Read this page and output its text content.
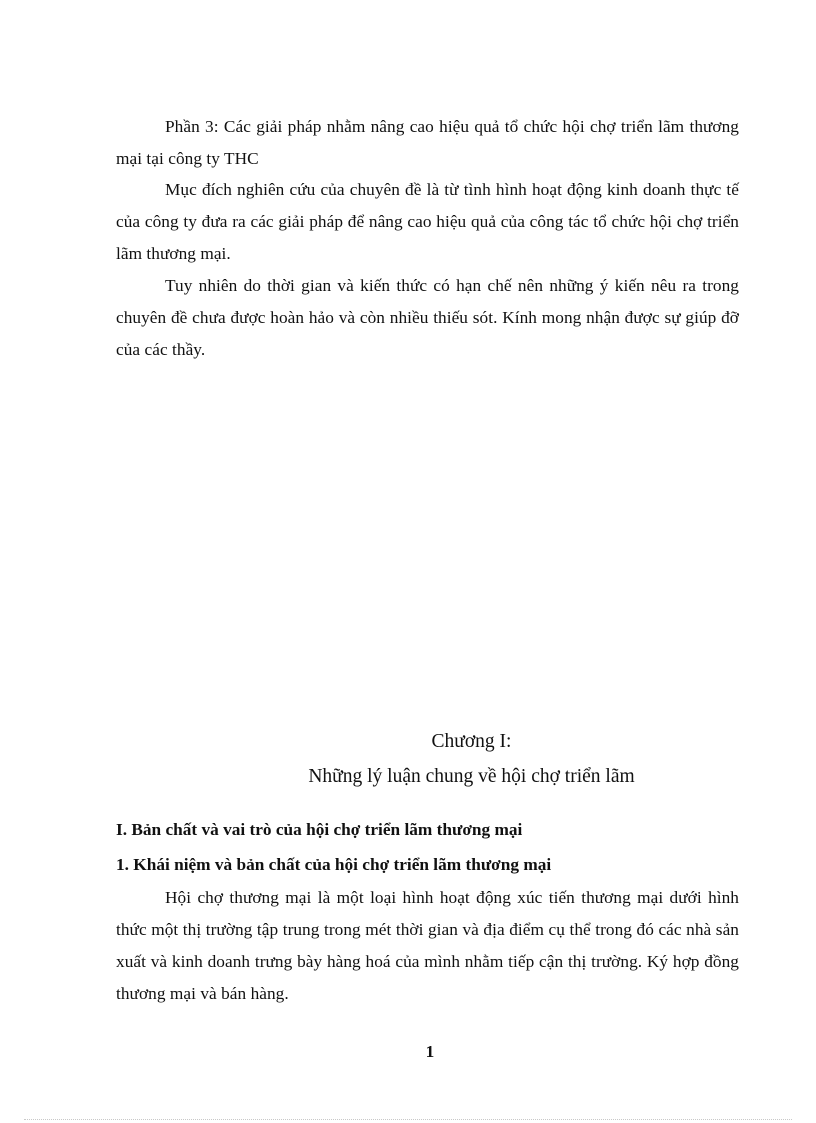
Phần 3: Các giải pháp nhằm nâng cao hiệu quả tổ chức hội chợ triển lãm thương mại tại công ty THC

Mục đích nghiên cứu của chuyên đề là từ tình hình hoạt động kinh doanh thực tế của công ty đưa ra các giải pháp để nâng cao hiệu quả của công tác tổ chức hội chợ triển lãm thương mại.

Tuy nhiên do thời gian và kiến thức có hạn chế nên những ý kiến nêu ra trong chuyên đề chưa được hoàn hảo và còn nhiều thiếu sót. Kính mong nhận được sự giúp đỡ của các thầy.

Chương I:

Những lý luận chung về hội chợ triển lãm

I. Bản chất và vai trò của hội chợ triển lãm thương mại

1. Khái niệm và bản chất của hội chợ triển lãm thương mại

Hội chợ thương mại là một loại hình hoạt động xúc tiến thương mại dưới hình thức một thị trường tập trung trong mét thời gian và địa điểm cụ thể trong đó các nhà sản xuất và kinh doanh trưng bày hàng hoá của mình nhằm tiếp cận thị trường. Ký hợp đồng thương mại và bán hàng.

1
